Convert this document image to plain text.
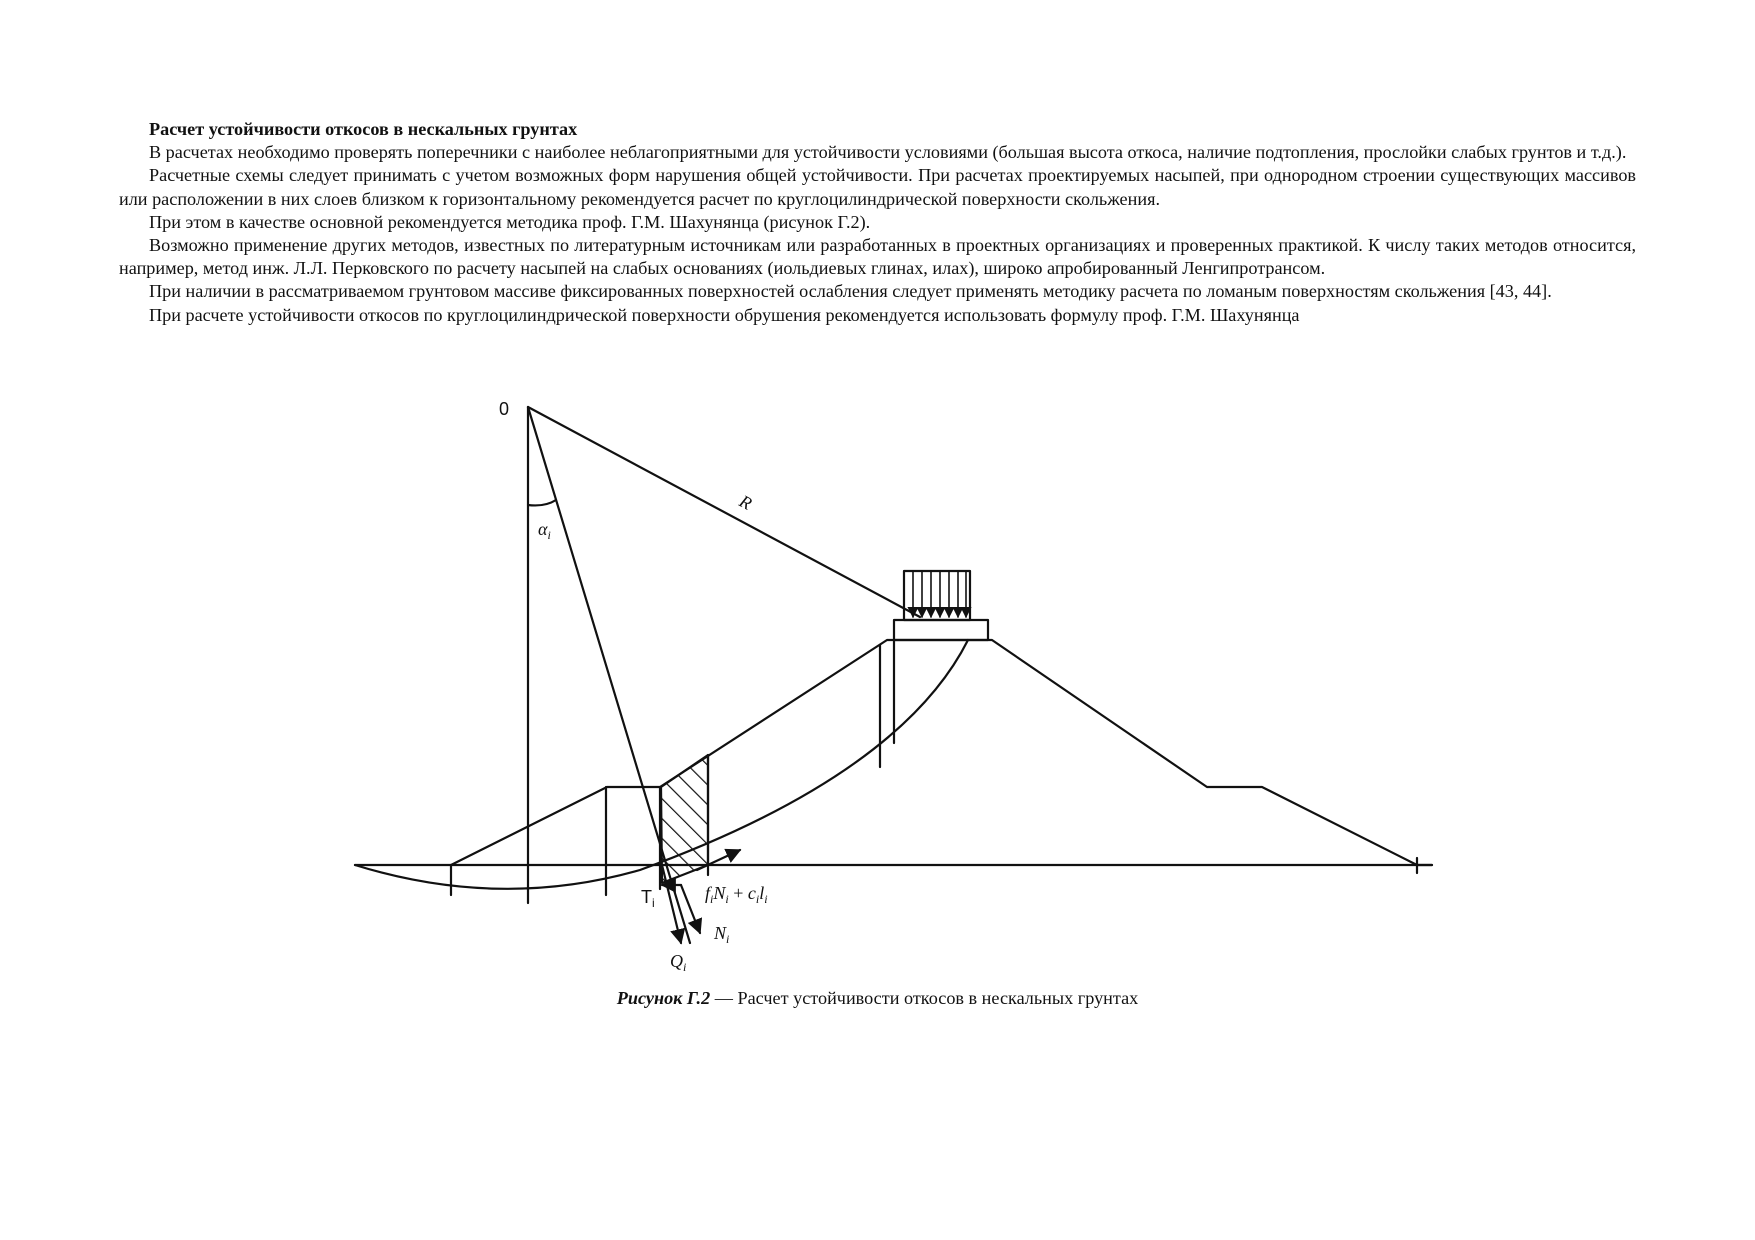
Расчет устойчивости откосов в нескальных грунтах

В расчетах необходимо проверять поперечники с наиболее неблагоприятными для устойчивости условиями (большая высота откоса, наличие подтопления, прослойки слабых грунтов и т.д.).

Расчетные схемы следует принимать с учетом возможных форм нарушения общей устойчивости. При расчетах проектируемых насыпей, при однородном строении существующих массивов или расположении в них слоев близком к горизонтальному рекомендуется расчет по круглоцилиндрической поверхности скольжения.

При этом в качестве основной рекомендуется методика проф. Г.М. Шахунянца (рисунок Г.2).

Возможно применение других методов, известных по литературным источникам или разработанных в проектных организациях и проверенных практикой. К числу таких методов относится, например, метод инж. Л.Л. Перковского по расчету насыпей на слабых основаниях (иольдиевых глинах, илах), широко апробированный Ленгипротрансом.

При наличии в рассматриваемом грунтовом массиве фиксированных поверхностей ослабления следует применять методику расчета по ломаным поверхностям скольжения [43, 44].

При расчете устойчивости откосов по круглоцилиндрической поверхности обрушения рекомендуется использовать формулу проф. Г.М. Шахунянца

0
R
$\alpha_i$
$T_i$	$f_iN_i + c_il_i$
$N_i$
$Q_i$
Рисунок Г.2 — Расчет устойчивости откосов в нескальных грунтах
